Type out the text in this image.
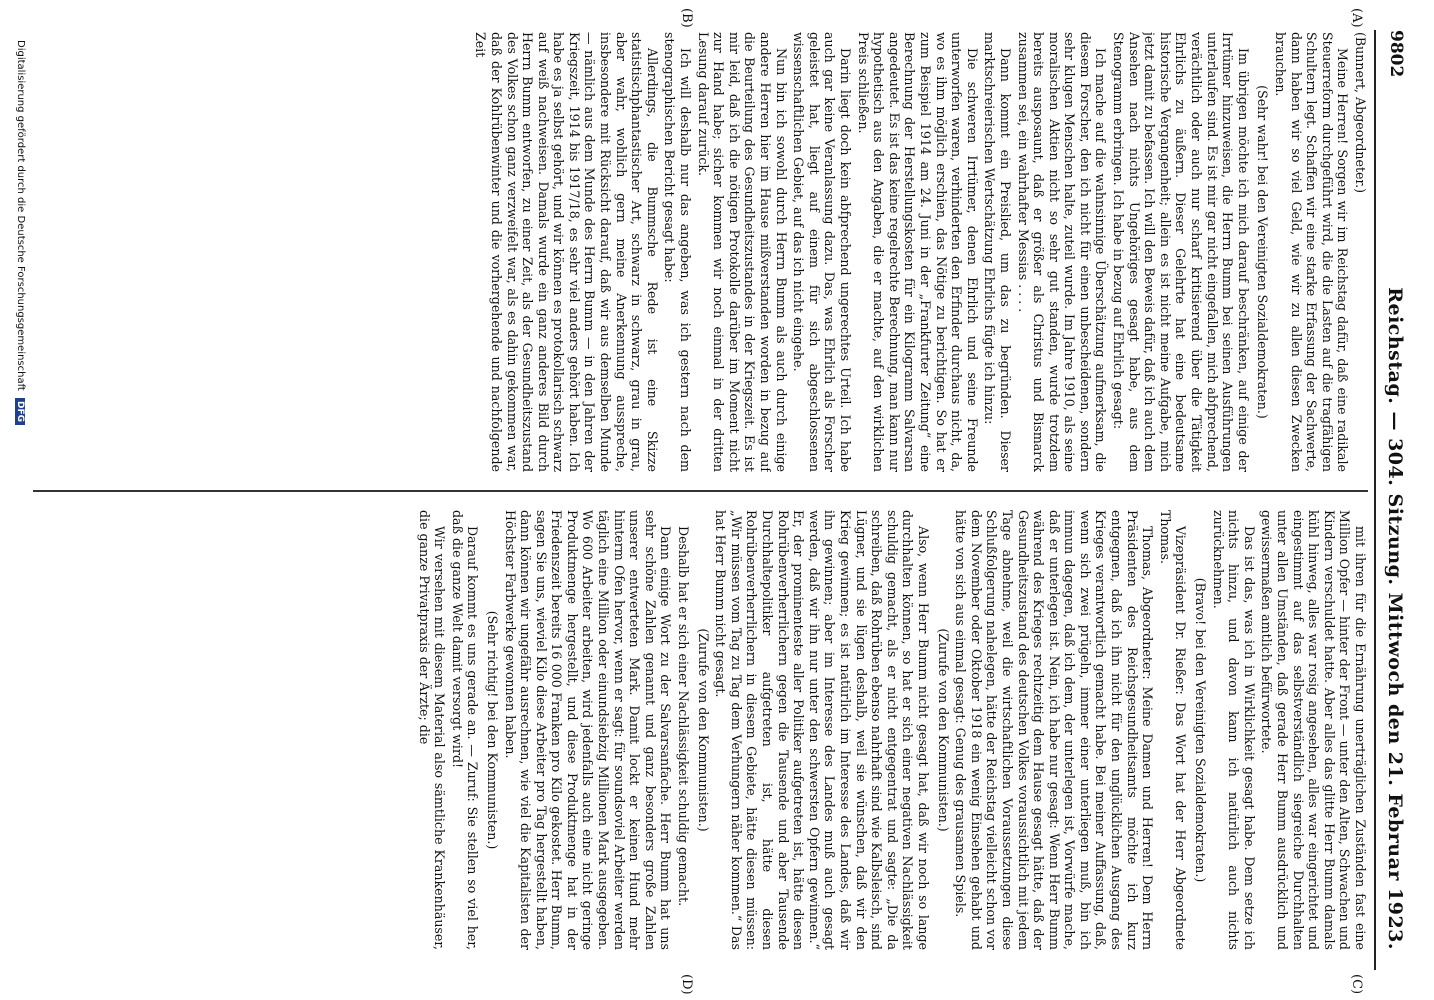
9802
Reichstag. — 304. Sitzung. Mittwoch den 21. Februar 1923.
(A)
(B)
(C)
(D)

(Bunnert, Abgeordneter.)

Meine Herren! Sorgen wir im Reichstag dafür, daß eine radikale Steuerreform durchgeführt wird, die die Lasten auf die tragfähigen Schultern legt. Schaffen wir eine starke Erfassung der Sachwerte, dann haben wir so viel Geld, wie wir zu allen diesen Zwecken brauchen.

(Sehr wahr! bei den Vereinigten Sozialdemokraten.)

Im übrigen möchte ich mich darauf beschränken, auf einige der Irrtümer hinzuweisen, die Herrn Bumm bei seinen Ausführungen unterlaufen sind. Es ist mir gar nicht eingefallen, mich abfprechend, verächtlich oder auch nur scharf kritisierend über die Tätigkeit Ehrlichs zu äußern. Dieser Gelehrte hat eine bedeutsame historische Vergangenheit; allein es ist nicht meine Aufgabe, mich jetzt damit zu befassen. Ich will den Beweis dafür, daß ich auch dem Ansehen nach nichts Ungehöriges gesagt habe, aus dem Stenogramm erbringen. Ich habe in bezug auf Ehrlich gesagt:

Ich mache auf die wahnsinnige Überschätzung aufmerksam, die diesem Forscher, den ich nicht für einen unbescheidenen, sondern sehr klugen Menschen halte, zuteil wurde. Im Jahre 1910, als seine moralischen Aktien nicht so sehr gut standen, wurde trotzdem bereits ausposaunt, daß er größer als Christus und Bismarck zusammen sei, ein wahrhafter Messias . . . .

Dann kommt ein Preislied, um das zu begründen. Dieser marktschreierischen Wertschätzung Ehrlichs fügte ich hinzu:

Die schweren Irrtümer, denen Ehrlich und seine Freunde unterworfen waren, verhinderten den Erfinder durchaus nicht, da, wo es ihm möglich erschien, das Nötige zu berichtigen. So hat er zum Beispiel 1914 am 24. Juni in der „Frankfurter Zeitung“ eine Berechnung der Herstellungskosten für ein Kilogramm Salvarsan angedeutet. Es ist das keine regelrechte Berechnung, man kann nur hypothetisch aus den Angaben, die er machte, auf den wirklichen Preis schließen.

Darin liegt doch kein abfprechend ungerechtes Urteil. Ich habe auch gar keine Veranlassung dazu. Das, was Ehrlich als Forscher geleistet hat, liegt auf einem für sich abgeschlossenen wissenschaftlichen Gebiet, auf das ich nicht eingehe.

Nun bin ich sowohl durch Herrn Bumm als auch durch einige andere Herren hier im Hause mißverstanden worden in bezug auf die Beurteilung des Gesundheitszustandes in der Kriegszeit. Es ist mir leid, daß ich die nötigen Protokolle darüber im Moment nicht zur Hand habe; sicher kommen wir noch einmal in der dritten Lesung darauf zurück.

Ich will deshalb nur das angeben, was ich gestern nach dem stenographischen Bericht gesagt habe:

Allerdings, die Bummsche Rede ist eine Skizze statistischphantastischer Art, schwarz in schwarz, grau in grau, aber wahr, wohlich gern meine Anerkennung ausspreche, insbesondere mit Rücksicht darauf, daß wir aus demselben Munde — nämlich aus dem Munde des Herrn Bumm — in den Jahren der Kriegszeit, 1914 bis 1917/18, es sehr viel anders gehört haben. Ich habe es ja selbst gehört, und wir können es protokollarisch schwarz auf weiß nachweisen. Damals wurde ein ganz anderes Bild durch Herrn Bumm entworfen, zu einer Zeit, als der Gesundheitszustand des Volkes schon ganz verzweifelt war, als es dahin gekommen war, daß der Kohlrübenwinter und die vorhergehende und nachfolgende Zeit

mit ihren für die Ernährung unerträglichen Zuständen fast eine Million Opfer — hinter der Front — unter den Alten, Schwachen und Kindern verschuldet hatte. Aber alles das glitte Herr Bumm damals kühl hinweg, alles war rosig angesehen, alles war eingerichtet und eingestimmt auf das selbstverständlich siegreiche Durchhalten unter allen Umständen, daß gerade Herr Bumm ausdrücklich und gewissermaßen amtlich befürwortete.

Das ist das, was ich in Wirklichkeit gesagt habe. Dem setze ich nichts hinzu, und davon kann ich natürlich auch nichts zurücknehmen.

(Bravo! bei den Vereinigten Sozialdemokraten.)

Vizepräsident Dr. Rießer: Das Wort hat der Herr Abgeordnete Thomas.

Thomas, Abgeordneter: Meine Damen und Herren! Dem Herrn Präsidenten des Reichsgesundheitsamts möchte ich kurz entgegnen, daß ich ihn nicht für den unglücklichen Ausgang des Krieges verantwortlich gemacht habe. Bei meiner Auffassung, daß, wenn sich zwei prügeln, immer einer unterliegen muß, bin ich immun dagegen, daß ich dem, der unterlegen ist, Vorwürfe mache, daß er unterlegen ist. Nein, ich habe nur gesagt: Wenn Herr Bumm während des Krieges rechtzeitig dem Hause gesagt hätte, daß der Gesundheitszustand des deutschen Volkes voraussichtlich mit jedem Tage abnehme, weil die wirtschaftlichen Voraussetzungen diese Schlußfolgerung nahelegen, hätte der Reichstag vielleicht schon vor dem November oder Oktober 1918 ein wenig Einsehen gehabt und hätte von sich aus einmal gesagt: Genug des grausamen Spiels.

(Zurufe von den Kommunisten.)

Also, wenn Herr Bumm nicht gesagt hat, daß wir noch so lange durchhalten können, so hat er sich einer negativen Nachlässigkeit schuldig gemacht, als er nicht entgegentrat und sagte: „Die da schreiben, daß Rohrüben ebenso nahrhaft sind wie Kalbsleisch, sind Lügner, und sie lügen deshalb, weil sie wünschen, daß wir den Krieg gewinnen; es ist natürlich im Interesse des Landes, daß wir ihn gewinnen; aber im Interesse des Landes muß auch gesagt werden, daß wir ihn nur unter den schwersten Opfern gewinnen.“ Er, der prominenteste aller Politiker aufgetreten ist, hätte diesen Rohrübenverherrlichern gegen die Tausende und aber Tausende Durchhaltepolitiker aufgetreten ist, hätte diesen Rohrübenverherrlichern in diesem Gebiete, hätte diesen müssen: „Wir müssen vom Tag zu Tag dem Verhungern näher kommen.“ Das hat Herr Bumm nicht gesagt.

(Zurufe von den Kommunisten.)

Deshalb hat er sich einer Nachlässigkeit schuldig gemacht.

Dann einige Wort zu der Salvarsanfache. Herr Bumm hat uns sehr schöne Zahlen genannt und ganz besonders große Zahlen unserer entwerteten Mark. Damit lockt er keinen Hund mehr hinterm Ofen hervor, wenn er sagt: für soundsoviel Arbeiter werden täglich eine Million oder einundsiebzig Millionen Mark ausgegeben. Wo 600 Arbeiter arbeiten, wird jedenfalls auch eine nicht geringe Produktmenge hergestellt, und diese Produktmenge hat in der Friedenszeit bereits 16 000 Franken pro Kilo gekostet. Herr Bumm, sagen Sie uns, wieviel Kilo diese Arbeiter pro Tag hergestellt haben, dann können wir ungefähr ausrechnen, wie viel die Kapitalisten der Höchster Farbwerke gewonnen haben.

(Sehr richtig! bei den Kommunisten.)

Darauf kommt es uns gerade an. — Zuruf: Sie stellen so viel her, daß die ganze Welt damit versorgt wird!

Wir versehen mit diesem Material also sämtliche Krankenhäuser, die ganze Privatpraxis der Ärzte; die

Digitalisierung gefördert durch die Deutsche Forschungsgemeinschaft DFG
